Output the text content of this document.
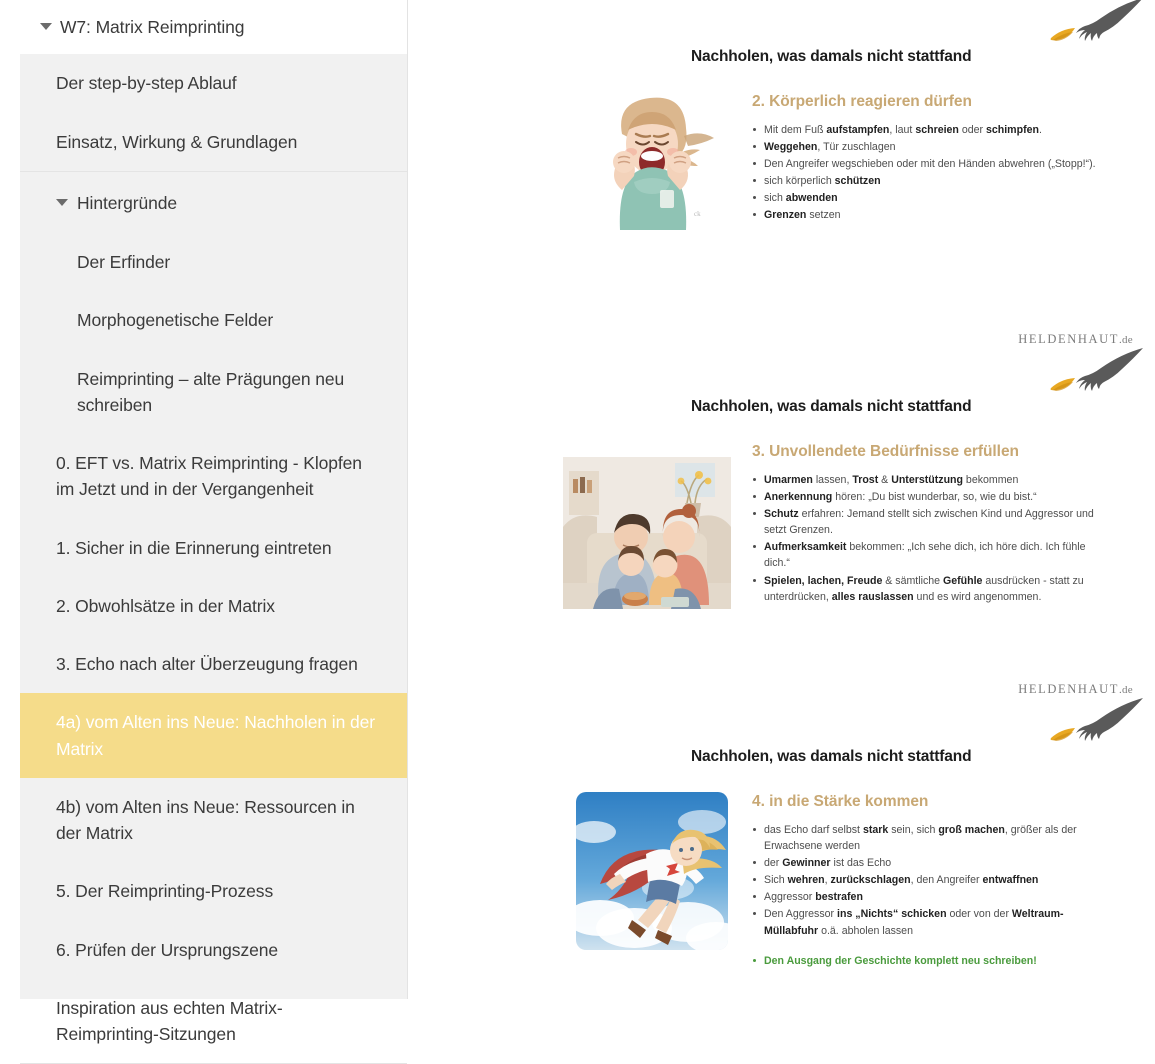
W7: Matrix Reimprinting
Der step-by-step Ablauf
Einsatz, Wirkung & Grundlagen
Hintergründe
Der Erfinder
Morphogenetische Felder
Reimprinting – alte Prägungen neu schreiben
0. EFT vs. Matrix Reimprinting - Klopfen im Jetzt und in der Vergangenheit
1. Sicher in die Erinnerung eintreten
2. Obwohlsätze in der Matrix
3. Echo nach alter Überzeugung fragen
4a) vom Alten ins Neue: Nachholen in der Matrix
4b) vom Alten ins Neue: Ressourcen in der Matrix
5. Der Reimprinting-Prozess
6. Prüfen der Ursprungszene
Inspiration aus echten Matrix-Reimprinting-Sitzungen
Nachholen, was damals nicht stattfand
2. Körperlich reagieren dürfen
Mit dem Fuß aufstampfen, laut schreien oder schimpfen.
Weggehen, Tür zuschlagen
Den Angreifer wegschieben oder mit den Händen abwehren („Stopp!“).
sich körperlich schützen
sich abwenden
Grenzen setzen
ck
Nachholen, was damals nicht stattfand
3. Unvollendete Bedürfnisse erfüllen
Umarmen lassen, Trost & Unterstützung bekommen
Anerkennung hören: „Du bist wunderbar, so, wie du bist.“
Schutz erfahren: Jemand stellt sich zwischen Kind und Aggressor und setzt Grenzen.
Aufmerksamkeit bekommen: „Ich sehe dich, ich höre dich. Ich fühle dich.“
Spielen, lachen, Freude & sämtliche Gefühle ausdrücken - statt zu unterdrücken, alles rauslassen und es wird angenommen.
Nachholen, was damals nicht stattfand
4. in die Stärke kommen
das Echo darf selbst stark sein, sich groß machen, größer als der Erwachsene werden
der Gewinner ist das Echo
Sich wehren, zurückschlagen, den Angreifer entwaffnen
Aggressor bestrafen
Den Aggressor ins „Nichts“ schicken oder von der Weltraum-Müllabfuhr o.ä. abholen lassen
Den Ausgang der Geschichte komplett neu schreiben!
HELDENHAUT.de
HELDENHAUT.de
